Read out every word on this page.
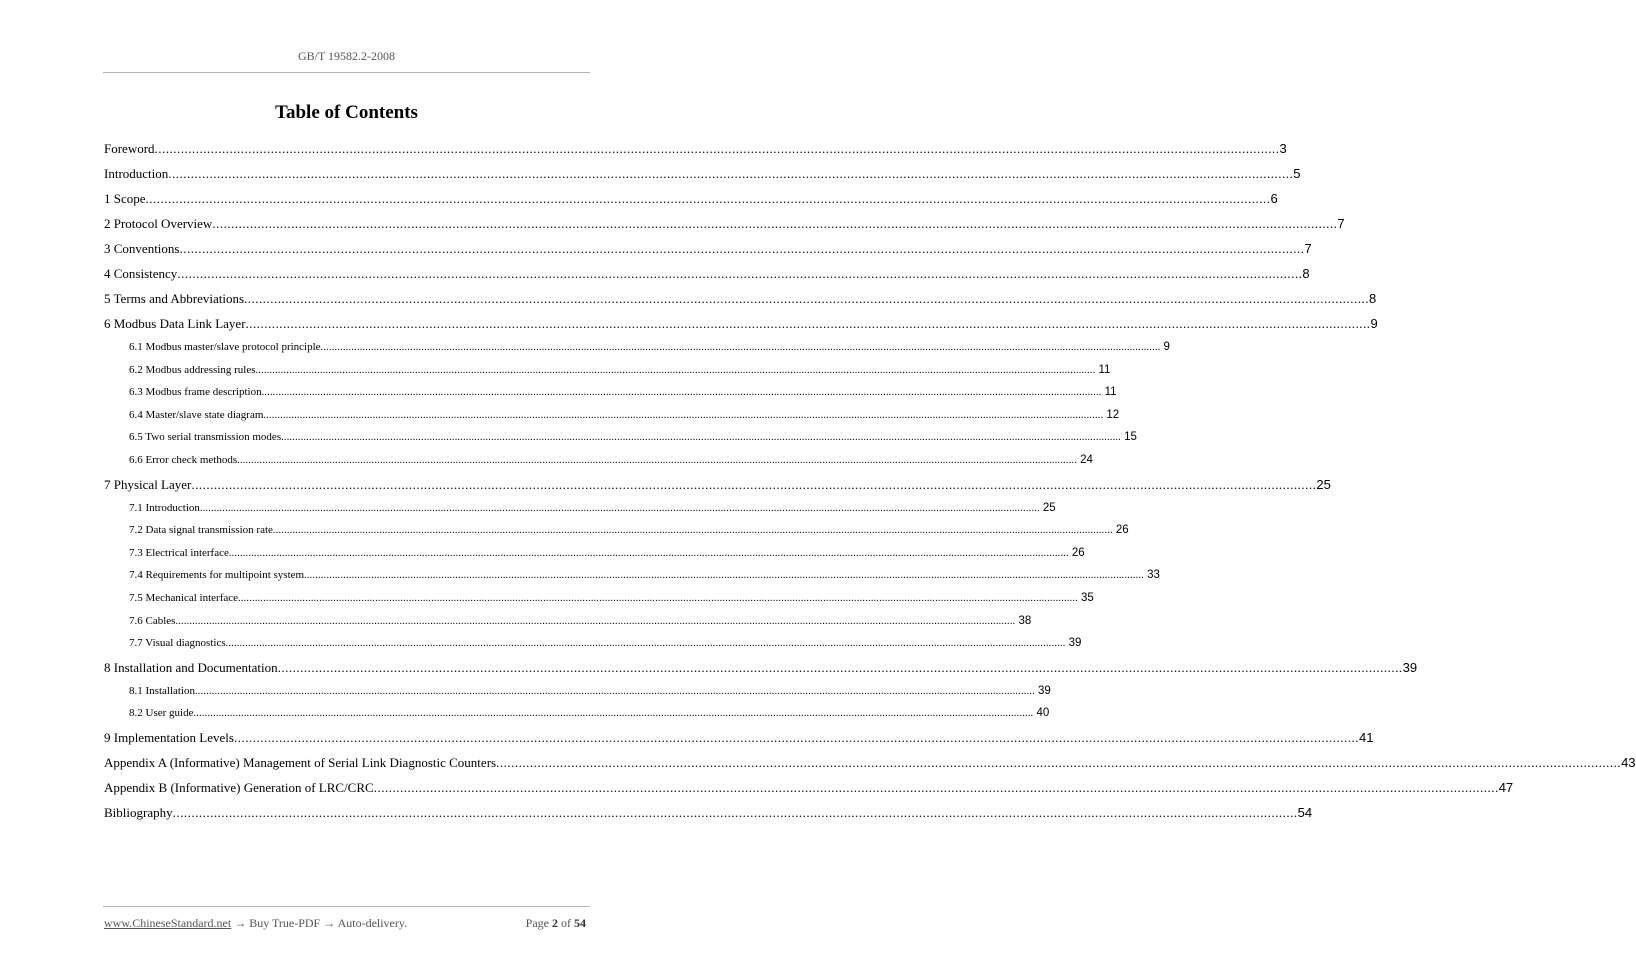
GB/T 19582.2-2008
Table of Contents
Foreword ............................................................................................................................................................................................................................................................................................................ 3
Introduction ............................................................................................................................................................................................................................................................................................................ 5
1 Scope ............................................................................................................................................................................................................................................................................................................ 6
2 Protocol Overview ............................................................................................................................................................................................................................................................................................................ 7
3 Conventions ............................................................................................................................................................................................................................................................................................................ 7
4 Consistency ............................................................................................................................................................................................................................................................................................................ 8
5 Terms and Abbreviations ............................................................................................................................................................................................................................................................................................................ 8
6 Modbus Data Link Layer ............................................................................................................................................................................................................................................................................................................ 9
6.1 Modbus master/slave protocol principle ............................................................................................................................................................................................................................................................................................................ 9
6.2 Modbus addressing rules ............................................................................................................................................................................................................................................................................................................ 11
6.3 Modbus frame description ............................................................................................................................................................................................................................................................................................................ 11
6.4 Master/slave state diagram ............................................................................................................................................................................................................................................................................................................ 12
6.5 Two serial transmission modes ............................................................................................................................................................................................................................................................................................................ 15
6.6 Error check methods ............................................................................................................................................................................................................................................................................................................ 24
7 Physical Layer ............................................................................................................................................................................................................................................................................................................ 25
7.1 Introduction ............................................................................................................................................................................................................................................................................................................ 25
7.2 Data signal transmission rate ............................................................................................................................................................................................................................................................................................................ 26
7.3 Electrical interface ............................................................................................................................................................................................................................................................................................................ 26
7.4 Requirements for multipoint system ............................................................................................................................................................................................................................................................................................................ 33
7.5 Mechanical interface ............................................................................................................................................................................................................................................................................................................ 35
7.6 Cables ............................................................................................................................................................................................................................................................................................................ 38
7.7 Visual diagnostics ............................................................................................................................................................................................................................................................................................................ 39
8 Installation and Documentation ............................................................................................................................................................................................................................................................................................................ 39
8.1 Installation ............................................................................................................................................................................................................................................................................................................ 39
8.2 User guide ............................................................................................................................................................................................................................................................................................................ 40
9 Implementation Levels ............................................................................................................................................................................................................................................................................................................ 41
Appendix A (Informative) Management of Serial Link Diagnostic Counters ............................................................................................................................................................................................................................................................................................................ 43
Appendix B (Informative) Generation of LRC/CRC ............................................................................................................................................................................................................................................................................................................ 47
Bibliography ............................................................................................................................................................................................................................................................................................................ 54
www.ChineseStandard.net → Buy True-PDF → Auto-delivery.	Page 2 of 54
